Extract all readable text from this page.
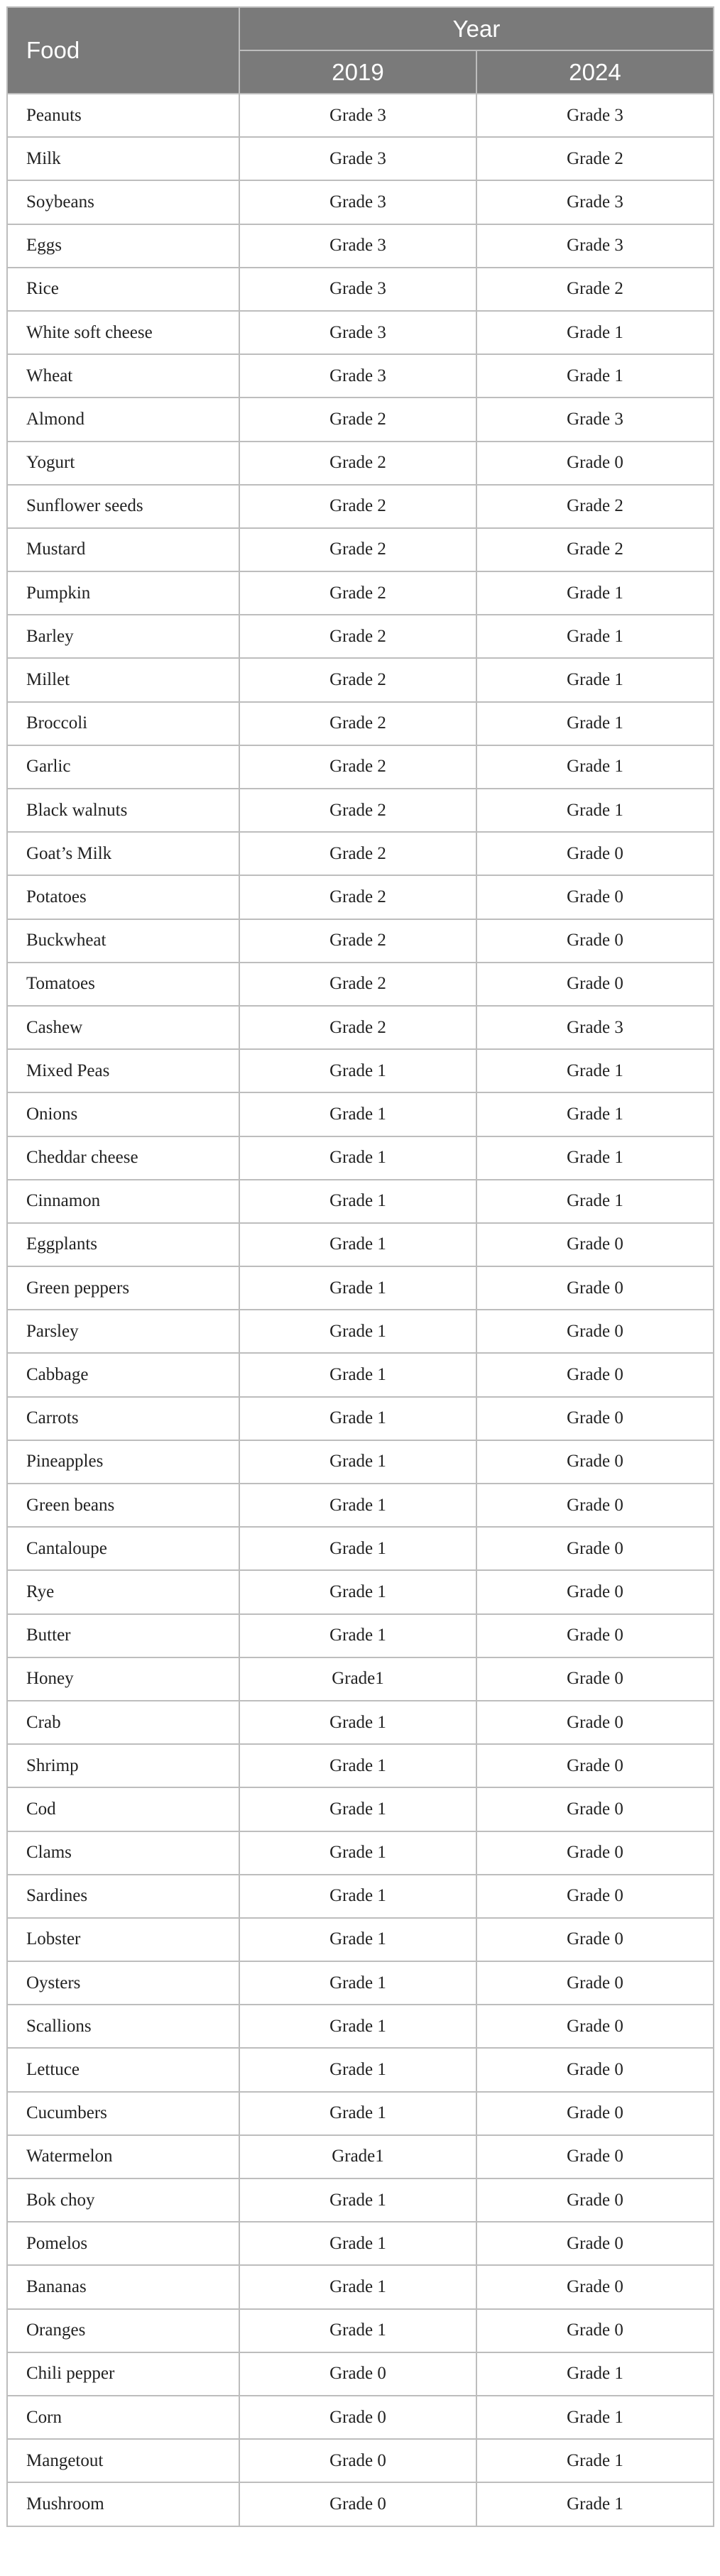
Food	Year	
	2019	2024
Peanuts	Grade 3	Grade 3
Milk	Grade 3	Grade 2
Soybeans	Grade 3	Grade 3
Eggs	Grade 3	Grade 3
Rice	Grade 3	Grade 2
White soft cheese	Grade 3	Grade 1
Wheat	Grade 3	Grade 1
Almond	Grade 2	Grade 3
Yogurt	Grade 2	Grade 0
Sunflower seeds	Grade 2	Grade 2
Mustard	Grade 2	Grade 2
Pumpkin	Grade 2	Grade 1
Barley	Grade 2	Grade 1
Millet	Grade 2	Grade 1
Broccoli	Grade 2	Grade 1
Garlic	Grade 2	Grade 1
Black walnuts	Grade 2	Grade 1
Goat’s Milk	Grade 2	Grade 0
Potatoes	Grade 2	Grade 0
Buckwheat	Grade 2	Grade 0
Tomatoes	Grade 2	Grade 0
Cashew	Grade 2	Grade 3
Mixed Peas	Grade 1	Grade 1
Onions	Grade 1	Grade 1
Cheddar cheese	Grade 1	Grade 1
Cinnamon	Grade 1	Grade 1
Eggplants	Grade 1	Grade 0
Green peppers	Grade 1	Grade 0
Parsley	Grade 1	Grade 0
Cabbage	Grade 1	Grade 0
Carrots	Grade 1	Grade 0
Pineapples	Grade 1	Grade 0
Green beans	Grade 1	Grade 0
Cantaloupe	Grade 1	Grade 0
Rye	Grade 1	Grade 0
Butter	Grade 1	Grade 0
Honey	Grade1	Grade 0
Crab	Grade 1	Grade 0
Shrimp	Grade 1	Grade 0
Cod	Grade 1	Grade 0
Clams	Grade 1	Grade 0
Sardines	Grade 1	Grade 0
Lobster	Grade 1	Grade 0
Oysters	Grade 1	Grade 0
Scallions	Grade 1	Grade 0
Lettuce	Grade 1	Grade 0
Cucumbers	Grade 1	Grade 0
Watermelon	Grade1	Grade 0
Bok choy	Grade 1	Grade 0
Pomelos	Grade 1	Grade 0
Bananas	Grade 1	Grade 0
Oranges	Grade 1	Grade 0
Chili pepper	Grade 0	Grade 1
Corn	Grade 0	Grade 1
Mangetout	Grade 0	Grade 1
Mushroom	Grade 0	Grade 1
